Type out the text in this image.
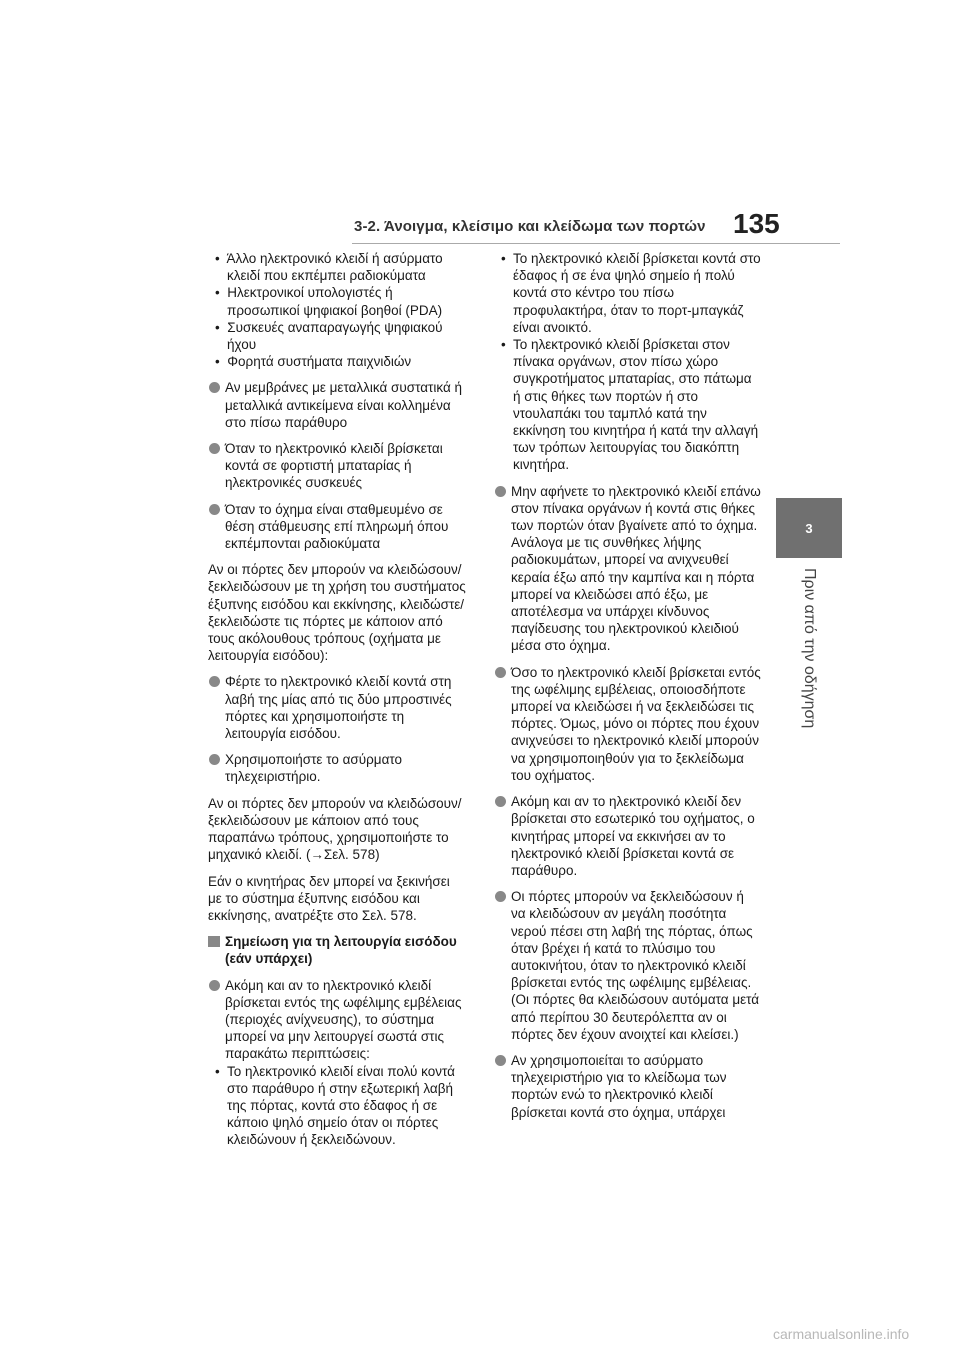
3-2. Άνοιγμα, κλείσιμο και κλείδωμα των πορτών 135
3
Πριν από την οδήγηση

•  Άλλο ηλεκτρονικό κλειδί ή ασύρματο κλειδί που εκπέμπει ραδιοκύματα

•  Ηλεκτρονικοί υπολογιστές ή προσωπικοί ψηφιακοί βοηθοί (PDA)

•  Συσκευές αναπαραγωγής ψηφιακού ήχου

•  Φορητά συστήματα παιχνιδιών

Αν μεμβράνες με μεταλλικά συστατικά ή μεταλλικά αντικείμενα είναι κολλημένα στο πίσω παράθυρο

Όταν το ηλεκτρονικό κλειδί βρίσκεται κοντά σε φορτιστή μπαταρίας ή ηλεκτρονικές συσκευές

Όταν το όχημα είναι σταθμευμένο σε θέση στάθμευσης επί πληρωμή όπου εκπέμπονται ραδιοκύματα

Αν οι πόρτες δεν μπορούν να κλειδώσουν/ξεκλειδώσουν με τη χρήση του συστήματος έξυπνης εισόδου και εκκίνησης, κλειδώστε/ξεκλειδώστε τις πόρτες με κάποιον από τους ακόλουθους τρόπους (οχήματα με λειτουργία εισόδου):

Φέρτε το ηλεκτρονικό κλειδί κοντά στη λαβή της μίας από τις δύο μπροστινές πόρτες και χρησιμοποιήστε τη λειτουργία εισόδου.

Χρησιμοποιήστε το ασύρματο τηλεχειριστήριο.

Αν οι πόρτες δεν μπορούν να κλειδώσουν/ξεκλειδώσουν με κάποιον από τους παραπάνω τρόπους, χρησιμοποιήστε το μηχανικό κλειδί. (→Σελ. 578)

Εάν ο κινητήρας δεν μπορεί να ξεκινήσει με το σύστημα έξυπνης εισόδου και εκκίνησης, ανατρέξτε στο Σελ. 578.

Σημείωση για τη λειτουργία εισόδου (εάν υπάρχει)

Ακόμη και αν το ηλεκτρονικό κλειδί βρίσκεται εντός της ωφέλιμης εμβέλειας (περιοχές ανίχνευσης), το σύστημα μπορεί να μην λειτουργεί σωστά στις παρακάτω περιπτώσεις:

•  Το ηλεκτρονικό κλειδί είναι πολύ κοντά στο παράθυρο ή στην εξωτερική λαβή της πόρτας, κοντά στο έδαφος ή σε κάποιο ψηλό σημείο όταν οι πόρτες κλειδώνουν ή ξεκλειδώνουν.

•  Το ηλεκτρονικό κλειδί βρίσκεται κοντά στο έδαφος ή σε ένα ψηλό σημείο ή πολύ κοντά στο κέντρο του πίσω προφυλακτήρα, όταν το πορτ-μπαγκάζ είναι ανοικτό.

•  Το ηλεκτρονικό κλειδί βρίσκεται στον πίνακα οργάνων, στον πίσω χώρο συγκροτήματος μπαταρίας, στο πάτωμα ή στις θήκες των πορτών ή στο ντουλαπάκι του ταμπλό κατά την εκκίνηση του κινητήρα ή κατά την αλλαγή των τρόπων λειτουργίας του διακόπτη κινητήρα.

Μην αφήνετε το ηλεκτρονικό κλειδί επάνω στον πίνακα οργάνων ή κοντά στις θήκες των πορτών όταν βγαίνετε από το όχημα. Ανάλογα με τις συνθήκες λήψης ραδιοκυμάτων, μπορεί να ανιχνευθεί κεραία έξω από την καμπίνα και η πόρτα μπορεί να κλειδώσει από έξω, με αποτέλεσμα να υπάρχει κίνδυνος παγίδευσης του ηλεκτρονικού κλειδιού μέσα στο όχημα.

Όσο το ηλεκτρονικό κλειδί βρίσκεται εντός της ωφέλιμης εμβέλειας, οποιοσδήποτε μπορεί να κλειδώσει ή να ξεκλειδώσει τις πόρτες. Όμως, μόνο οι πόρτες που έχουν ανιχνεύσει το ηλεκτρονικό κλειδί μπορούν να χρησιμοποιηθούν για το ξεκλείδωμα του οχήματος.

Ακόμη και αν το ηλεκτρονικό κλειδί δεν βρίσκεται στο εσωτερικό του οχήματος, ο κινητήρας μπορεί να εκκινήσει αν το ηλεκτρονικό κλειδί βρίσκεται κοντά σε παράθυρο.

Οι πόρτες μπορούν να ξεκλειδώσουν ή να κλειδώσουν αν μεγάλη ποσότητα νερού πέσει στη λαβή της πόρτας, όπως όταν βρέχει ή κατά το πλύσιμο του αυτοκινήτου, όταν το ηλεκτρονικό κλειδί βρίσκεται εντός της ωφέλιμης εμβέλειας. (Οι πόρτες θα κλειδώσουν αυτόματα μετά από περίπου 30 δευτερόλεπτα αν οι πόρτες δεν έχουν ανοιχτεί και κλείσει.)

Αν χρησιμοποιείται το ασύρματο τηλεχειριστήριο για το κλείδωμα των πορτών ενώ το ηλεκτρονικό κλειδί βρίσκεται κοντά στο όχημα, υπάρχει

carmanualsonline.info
